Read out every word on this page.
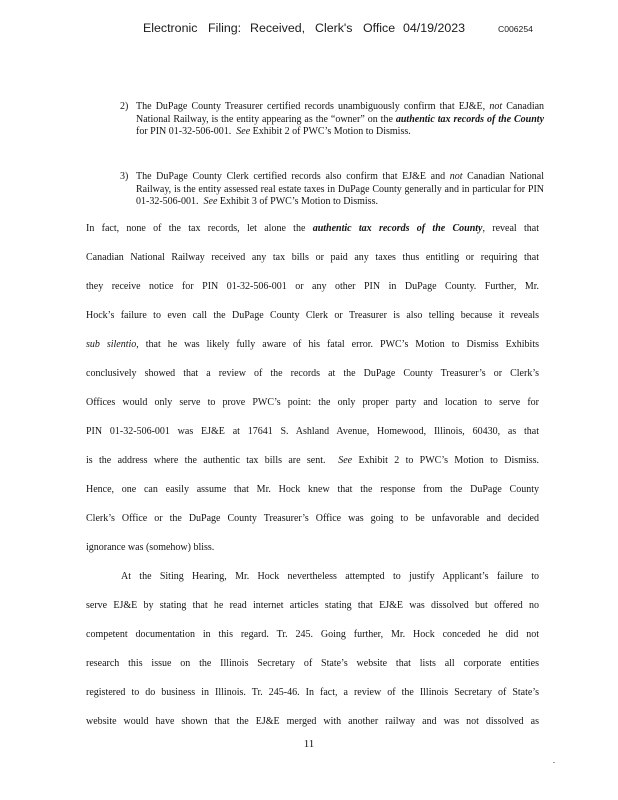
Electronic Filing: Received, Clerk's Office 04/19/2023	C006254
2) The DuPage County Treasurer certified records unambiguously confirm that EJ&E, not Canadian National Railway, is the entity appearing as the “owner” on the authentic tax records of the County for PIN 01-32-506-001. See Exhibit 2 of PWC’s Motion to Dismiss.
3) The DuPage County Clerk certified records also confirm that EJ&E and not Canadian National Railway, is the entity assessed real estate taxes in DuPage County generally and in particular for PIN 01-32-506-001. See Exhibit 3 of PWC’s Motion to Dismiss.
In fact, none of the tax records, let alone the authentic tax records of the County, reveal that
Canadian National Railway received any tax bills or paid any taxes thus entitling or requiring that
they receive notice for PIN 01-32-506-001 or any other PIN in DuPage County. Further, Mr.
Hock’s failure to even call the DuPage County Clerk or Treasurer is also telling because it reveals
sub silentio, that he was likely fully aware of his fatal error. PWC’s Motion to Dismiss Exhibits
conclusively showed that a review of the records at the DuPage County Treasurer’s or Clerk’s
Offices would only serve to prove PWC’s point: the only proper party and location to serve for
PIN 01-32-506-001 was EJ&E at 17641 S. Ashland Avenue, Homewood, Illinois, 60430, as that
is the address where the authentic tax bills are sent. See Exhibit 2 to PWC’s Motion to Dismiss.
Hence, one can easily assume that Mr. Hock knew that the response from the DuPage County
Clerk’s Office or the DuPage County Treasurer’s Office was going to be unfavorable and decided
ignorance was (somehow) bliss.
At the Siting Hearing, Mr. Hock nevertheless attempted to justify Applicant’s failure to
serve EJ&E by stating that he read internet articles stating that EJ&E was dissolved but offered no
competent documentation in this regard. Tr. 245. Going further, Mr. Hock conceded he did not
research this issue on the Illinois Secretary of State’s website that lists all corporate entities
registered to do business in Illinois. Tr. 245-46. In fact, a review of the Illinois Secretary of State’s
website would have shown that the EJ&E merged with another railway and was not dissolved as
11
